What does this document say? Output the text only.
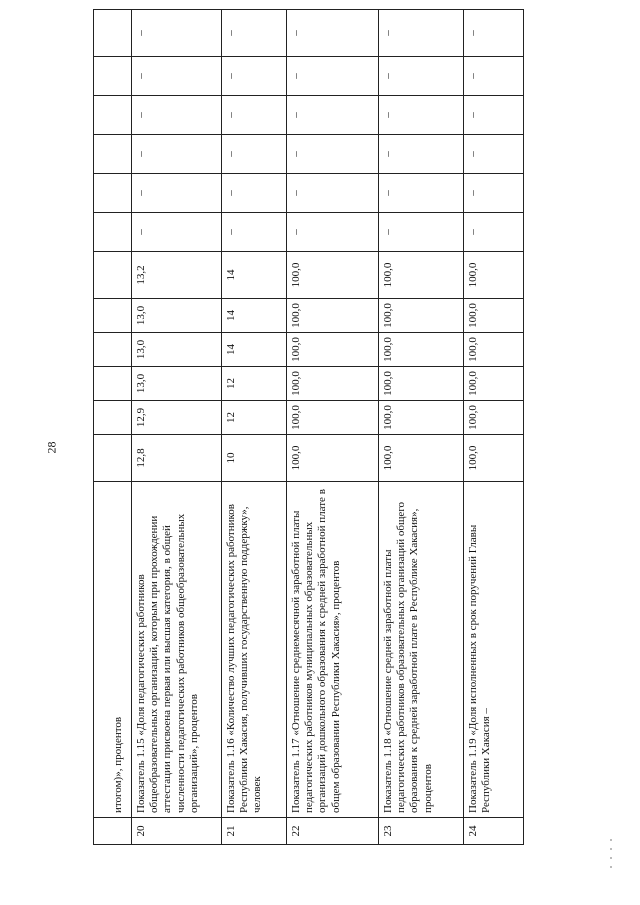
28
	итогом)», процентов												
20	Показатель 1.15 «Доля педагогических работников общеобразовательных организаций, которым при прохождении аттестации присвоена первая или высшая категория, в общей численности педагогических работников общеобразовательных организаций», процентов	12,8	12,9	13,0	13,0	13,0	13,2	–	–	–	–	–	–
21	Показатель 1.16 «Количество лучших педагогических работников Республики Хакасия, получивших государственную поддержку», человек	10	12	12	14	14	14	–	–	–	–	–	–
22	Показатель 1.17 «Отношение среднемесячной заработной платы педагогических работников муниципальных образовательных организаций дошкольного образования к средней заработной плате в общем образовании Республики Хакасия», процентов	100,0	100,0	100,0	100,0	100,0	100,0	–	–	–	–	–	–
23	Показатель 1.18 «Отношение средней заработной платы педагогических работников образовательных организаций общего образования к средней заработной плате в Республике Хакасия», процентов	100,0	100,0	100,0	100,0	100,0	100,0	–	–	–	–	–	–
24	Показатель 1.19 «Доля исполненных в срок поручений Главы Республики Хакасия –	100,0	100,0	100,0	100,0	100,0	100,0	–	–	–	–	–	–
